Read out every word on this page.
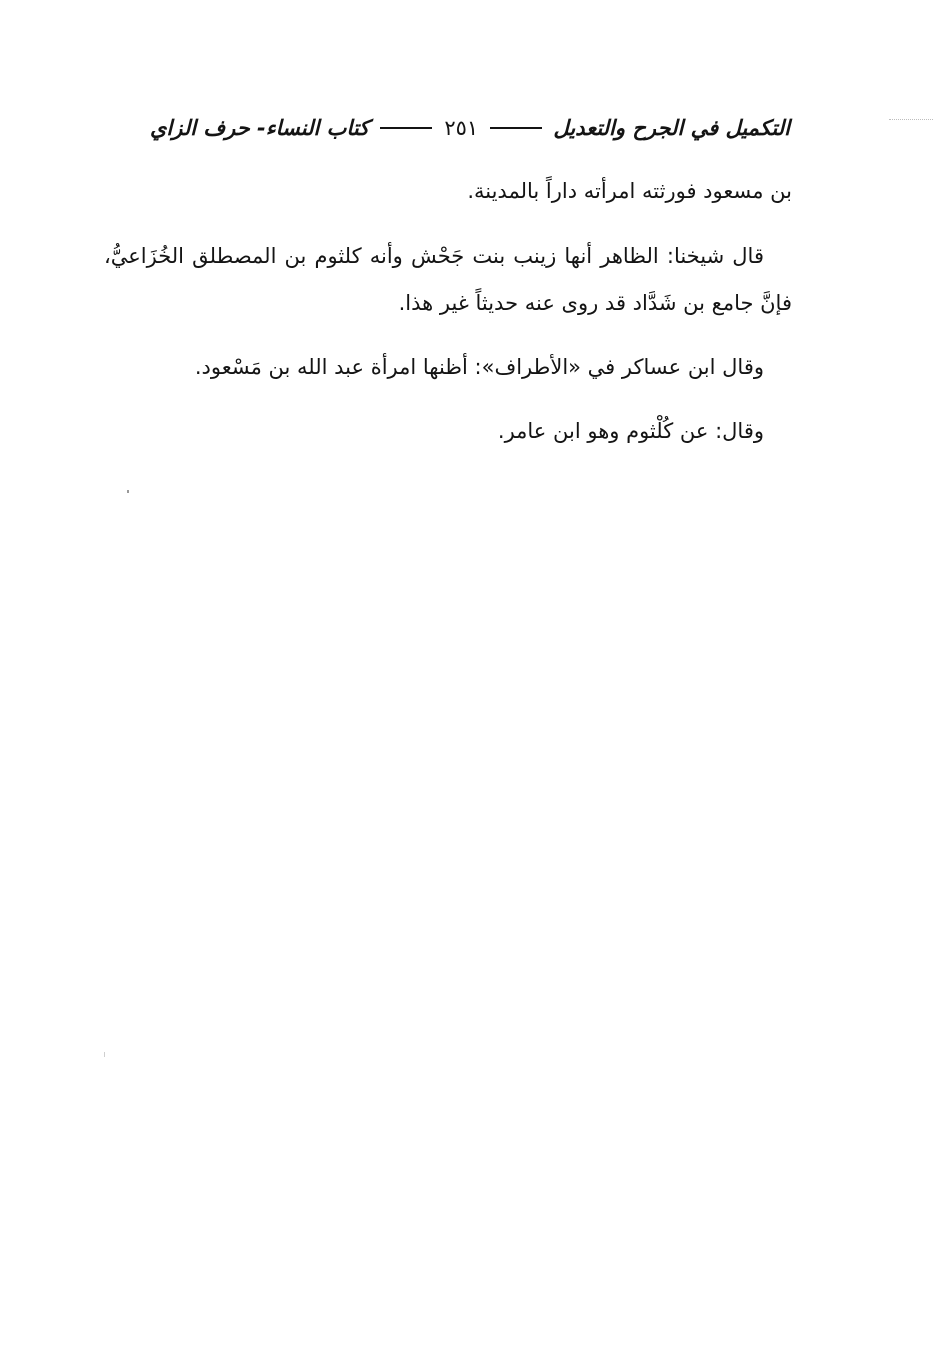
التكميل في الجرح والتعديل
٢٥١
كتاب النساء- حرف الزاي

بن مسعود فورثته امرأته داراً بالمدينة.

قال شيخنا: الظاهر أنها زينب بنت جَحْش وأنه كلثوم بن المصطلق الخُزَاعيُّ، فإنَّ جامع بن شَدَّاد قد روى عنه حديثاً غير هذا.

وقال ابن عساكر في «الأطراف»: أظنها امرأة عبد الله بن مَسْعود.

وقال: عن كُلْثوم وهو ابن عامر.
